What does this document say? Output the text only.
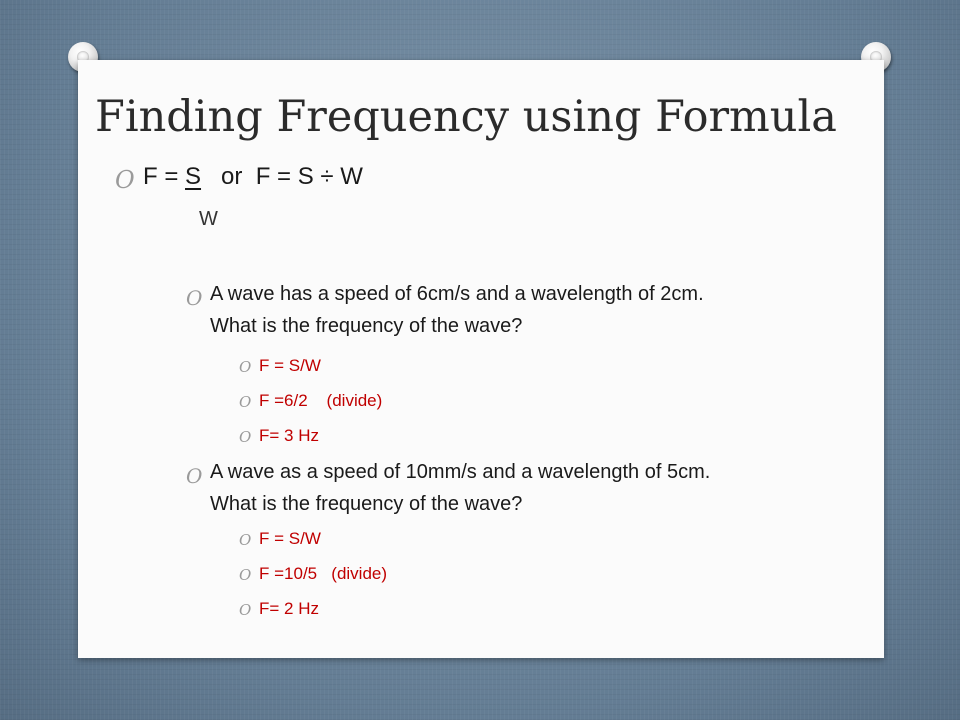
Finding Frequency using Formula
O F = S or  F = S ÷ W
W
O A wave has a speed of 6cm/s and a wavelength of 2cm.
What is the frequency of the wave?
O F = S/W
O F =6/2    (divide)
O F= 3 Hz
O A wave as a speed of 10mm/s and a wavelength of 5cm.
What is the frequency of the wave?
O F = S/W
O F =10/5   (divide)
O F= 2 Hz
